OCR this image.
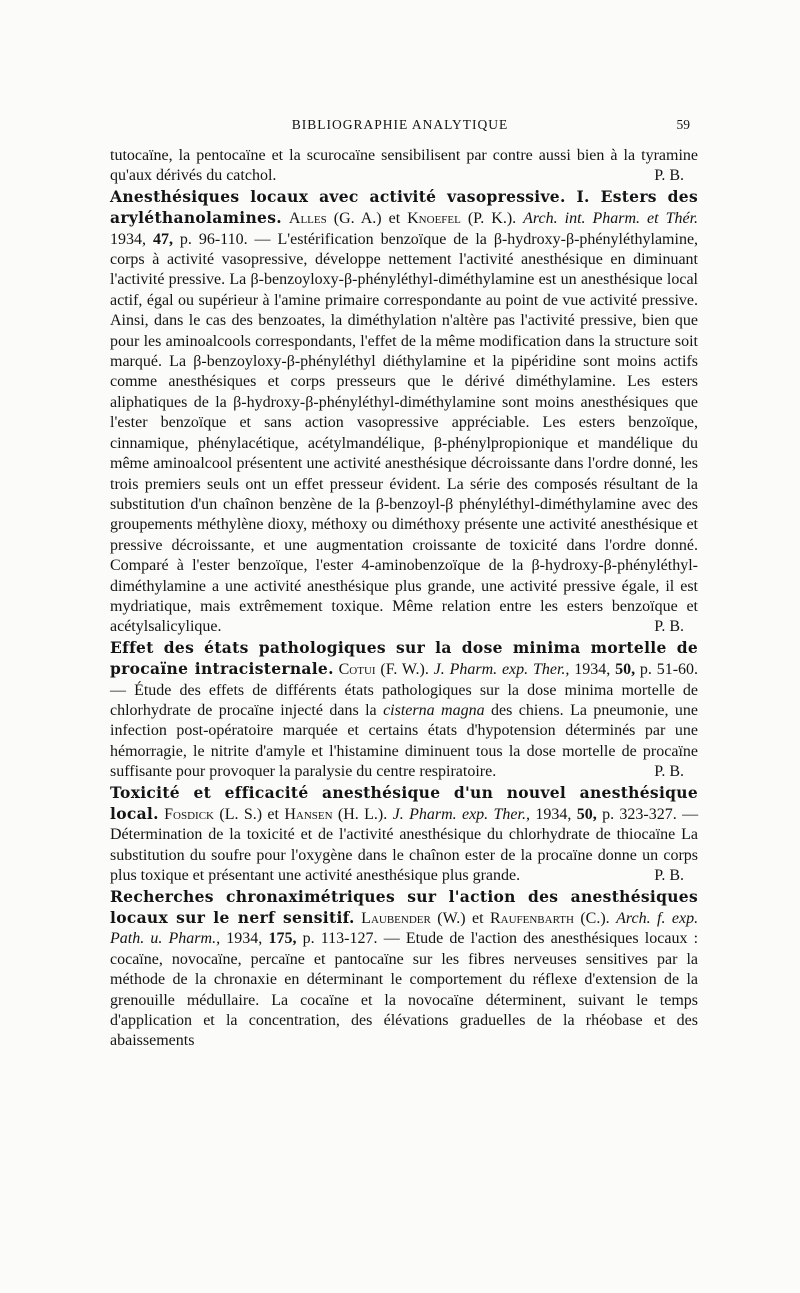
BIBLIOGRAPHIE ANALYTIQUE	59

tutocaïne, la pentocaïne et la scurocaïne sensibilisent par contre aussi bien à la tyramine qu'aux dérivés du catchol.	P. B.

Anesthésiques locaux avec activité vasopressive. I. Esters des aryléthanolamines. Alles (G. A.) et Knoefel (P. K.). Arch. int. Pharm. et Thér. 1934, 47, p. 96-110. — L'estérification benzoïque de la β-hydroxy-β-phényléthylamine, corps à activité vasopressive, développe nettement l'activité anesthésique en diminuant l'activité pressive. La β-benzoyloxy-β-phényléthyl-diméthylamine est un anesthésique local actif, égal ou supérieur à l'amine primaire correspondante au point de vue activité pressive. Ainsi, dans le cas des benzoates, la diméthylation n'altère pas l'activité pressive, bien que pour les aminoalcools correspondants, l'effet de la même modification dans la structure soit marqué. La β-benzoyloxy-β-phényléthyl diéthylamine et la pipéridine sont moins actifs comme anesthésiques et corps presseurs que le dérivé diméthylamine. Les esters aliphatiques de la β-hydroxy-β-phényléthyl-diméthylamine sont moins anesthésiques que l'ester benzoïque et sans action vasopressive appréciable. Les esters benzoïque, cinnamique, phénylacétique, acétylmandélique, β-phénylpropionique et mandélique du même aminoalcool présentent une activité anesthésique décroissante dans l'ordre donné, les trois premiers seuls ont un effet presseur évident. La série des composés résultant de la substitution d'un chaînon benzène de la β-benzoyl-β phényléthyl-diméthylamine avec des groupements méthylène dioxy, méthoxy ou diméthoxy présente une activité anesthésique et pressive décroissante, et une augmentation croissante de toxicité dans l'ordre donné. Comparé à l'ester benzoïque, l'ester 4-aminobenzoïque de la β-hydroxy-β-phényléthyl-diméthylamine a une activité anesthésique plus grande, une activité pressive égale, il est mydriatique, mais extrêmement toxique. Même relation entre les esters benzoïque et acétylsalicylique.	P. B.

Effet des états pathologiques sur la dose minima mortelle de procaïne intracisternale. Cotui (F. W.). J. Pharm. exp. Ther., 1934, 50, p. 51-60. — Étude des effets de différents états pathologiques sur la dose minima mortelle de chlorhydrate de procaïne injecté dans la cisterna magna des chiens. La pneumonie, une infection post-opératoire marquée et certains états d'hypotension déterminés par une hémorragie, le nitrite d'amyle et l'histamine diminuent tous la dose mortelle de procaïne suffisante pour provoquer la paralysie du centre respiratoire.	P. B.

Toxicité et efficacité anesthésique d'un nouvel anesthésique local. Fosdick (L. S.) et Hansen (H. L.). J. Pharm. exp. Ther., 1934, 50, p. 323-327. — Détermination de la toxicité et de l'activité anesthésique du chlorhydrate de thiocaïne La substitution du soufre pour l'oxygène dans le chaînon ester de la procaïne donne un corps plus toxique et présentant une activité anesthésique plus grande.	P. B.

Recherches chronaximétriques sur l'action des anesthésiques locaux sur le nerf sensitif. Laubender (W.) et Raufenbarth (C.). Arch. f. exp. Path. u. Pharm., 1934, 175, p. 113-127. — Etude de l'action des anesthésiques locaux : cocaïne, novocaïne, percaïne et pantocaïne sur les fibres nerveuses sensitives par la méthode de la chronaxie en déterminant le comportement du réflexe d'extension de la grenouille médullaire. La cocaïne et la novocaïne déterminent, suivant le temps d'application et la concentration, des élévations graduelles de la rhéobase et des abaissements
